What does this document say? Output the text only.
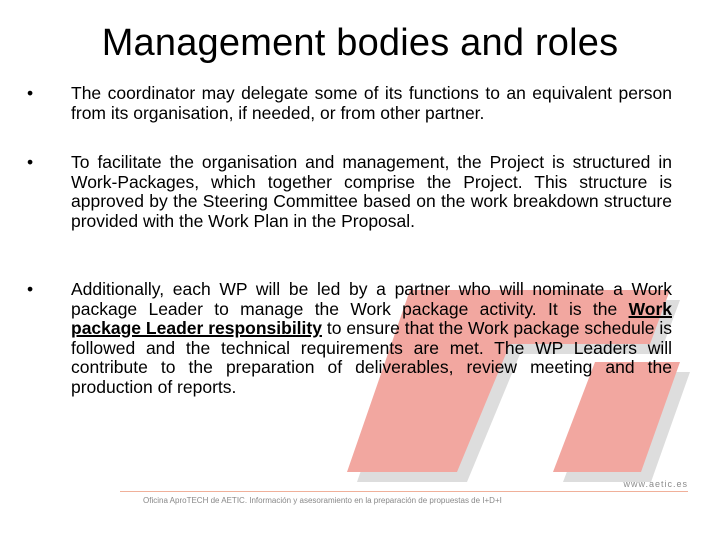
Management bodies and roles
• The coordinator may delegate some of its functions to an equivalent person from its organisation, if needed, or from other partner.
• To facilitate the organisation and management, the Project is structured in Work-Packages, which together comprise the Project. This structure is approved by the Steering Committee based on the work breakdown structure provided with the Work Plan in the Proposal.
• Additionally, each WP will be led by a partner who will nominate a Work package Leader to manage the Work package activity. It is the Work package Leader responsibility to ensure that the Work package schedule is followed and the technical requirements are met. The WP Leaders will contribute to the preparation of deliverables, review meeting and the production of reports.
www.aetic.es
Oficina AproTECH de AETIC. Información y asesoramiento en la preparación de propuestas de I+D+I
